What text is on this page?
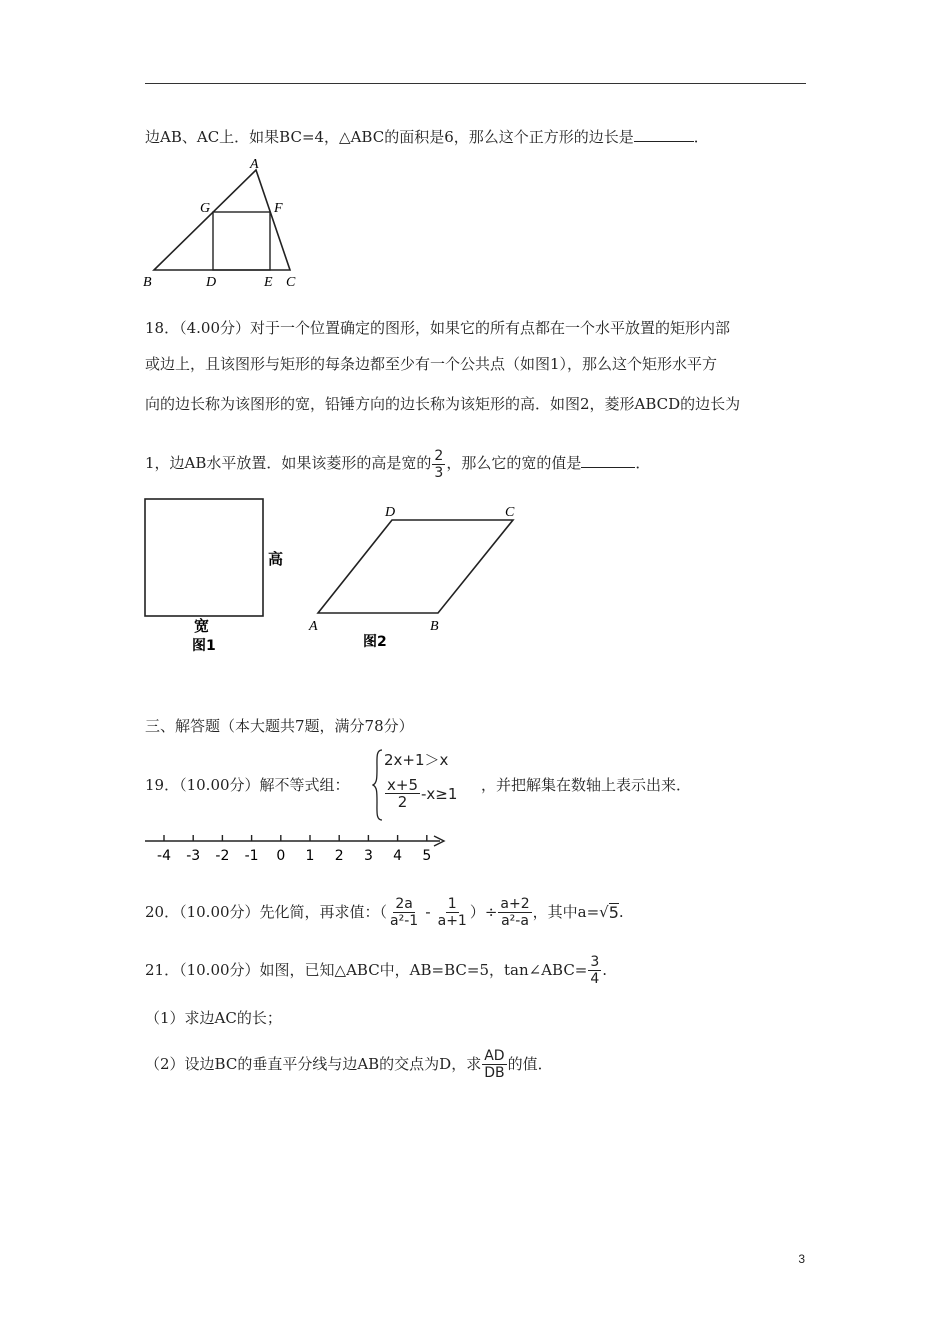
边AB、AC上．如果BC=4，△ABC的面积是6，那么这个正方形的边长是	．
A
G	F
B	D	E C
18．（4.00分）对于一个位置确定的图形，如果它的所有点都在一个水平放置的矩形内部
或边上，且该图形与矩形的每条边都至少有一个公共点（如图1），那么这个矩形水平方
向的边长称为该图形的宽，铅锤方向的边长称为该矩形的高．如图2，菱形ABCD的边长为
1，边AB水平放置．如果该菱形的高是宽的 $\frac{2}{3}$ ，那么它的宽的值是	．
高
宽
图1
D	C
A	B
图2
三、解答题（本大题共7题，满分78分）
19．（10.00分）解不等式组：
2x+1＞x
$\frac{x+5}{2} -x\ge 1$ ，并把解集在数轴上表示出来．
-4 -3 -2 -1 0 1 2 3 4 5
20．（10.00分）先化简，再求值：（ $\frac{2a}{\text{a²-1}} - \frac{1}{a+1}$ ）÷ $\frac{a+2}{\text{a²-a}}$ ，其中a= √ 5 .
21．（10.00分）如图，已知△ABC中，AB=BC=5，tan∠ABC= $\frac{3}{4}$ .
（1）求边AC的长；
（2）设边BC的垂直平分线与边AB的交点为D，求 $\frac{AD}{DB}$ 的值．
3
